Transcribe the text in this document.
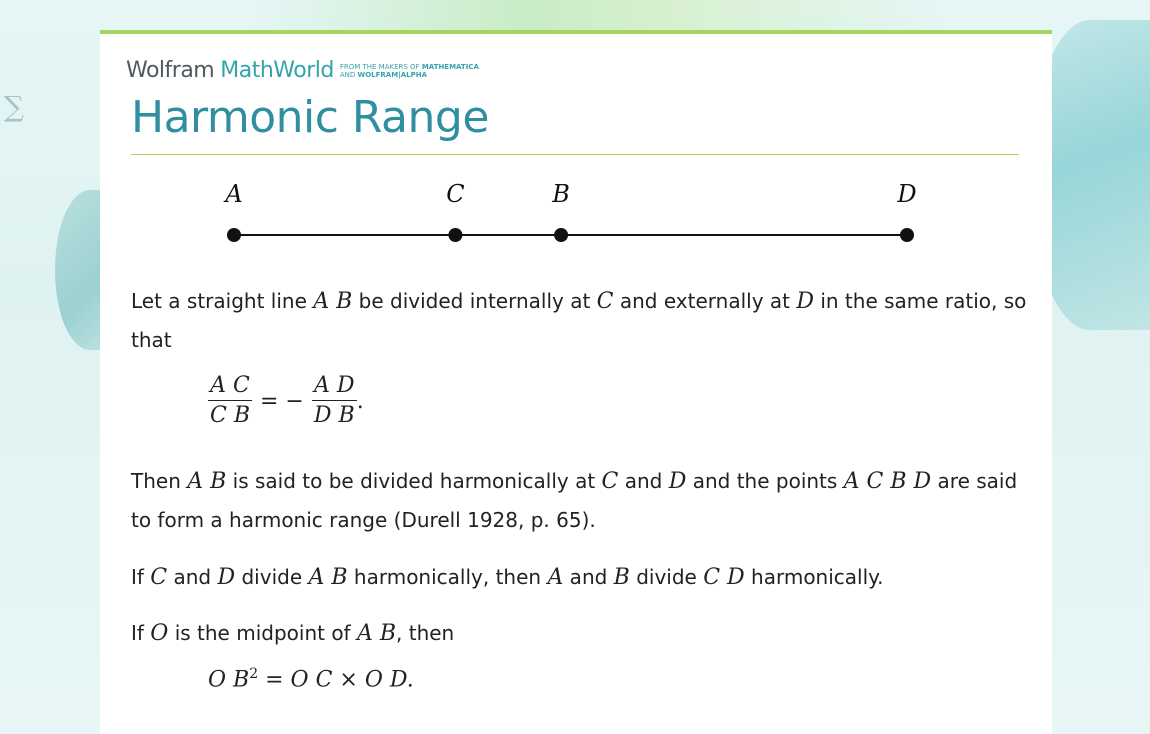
∑
Wolfram MathWorld FROM THE MAKERS OF MATHEMATICA
AND WOLFRAM|ALPHA
Harmonic Range
A	C	B	D

Let a straight line A B be divided internally at C and externally at D in the same ratio, so that

$\frac{\text{A C}}{\text{C B}}$ = − $\frac{\text{A D}}{\text{D B}}$ .

Then A B is said to be divided harmonically at C and D and the points A C B D are said to form a harmonic range (Durell 1928, p. 65).

If C and D divide A B harmonically, then A and B divide C D harmonically.

If O is the midpoint of A B, then

O $B^2 = O$ C × O D.
